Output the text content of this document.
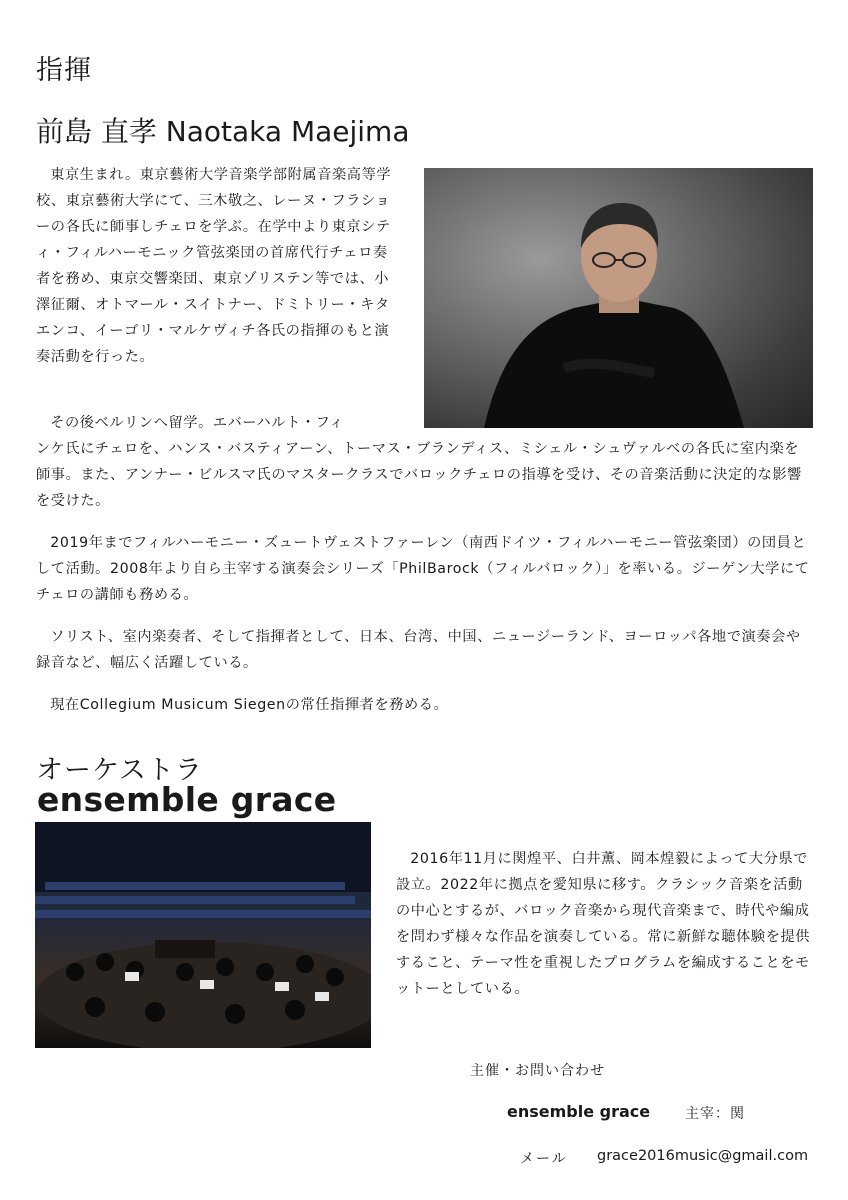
指揮
前島 直孝 Naotaka Maejima

東京生まれ。東京藝術大学音楽学部附属音楽高等学校、東京藝術大学にて、三木敬之、レーヌ・フラショーの各氏に師事しチェロを学ぶ。在学中より東京シティ・フィルハーモニック管弦楽団の首席代行チェロ奏者を務め、東京交響楽団、東京ゾリステン等では、小澤征爾、オトマール・スイトナー、ドミトリー・キタエンコ、イーゴリ・マルケヴィチ各氏の指揮のもと演奏活動を行った。

その後ベルリンへ留学。エバーハルト・フィ

ンケ氏にチェロを、ハンス・バスティアーン、トーマス・ブランディス、ミシェル・シュヴァルベの各氏に室内楽を師事。また、アンナー・ビルスマ氏のマスタークラスでバロックチェロの指導を受け、その音楽活動に決定的な影響を受けた。

2019年までフィルハーモニー・ズュートヴェストファーレン（南西ドイツ・フィルハーモニー管弦楽団）の団員として活動。2008年より自ら主宰する演奏会シリーズ「PhilBarock（フィルバロック）」を率いる。ジーゲン大学にてチェロの講師も務める。

ソリスト、室内楽奏者、そして指揮者として、日本、台湾、中国、ニュージーランド、ヨーロッパ各地で演奏会や録音など、幅広く活躍している。

現在Collegium Musicum Siegenの常任指揮者を務める。

オーケストラ
ensemble grace

2016年11月に関煌平、白井薫、岡本煌毅によって大分県で設立。2022年に拠点を愛知県に移す。クラシック音楽を活動の中心とするが、バロック音楽から現代音楽まで、時代や編成を問わず様々な作品を演奏している。常に新鮮な聴体験を提供すること、テーマ性を重視したプログラムを編成することをモットーとしている。

主催・お問い合わせ
ensemble grace 主宰：関
メール grace2016music@gmail.com
